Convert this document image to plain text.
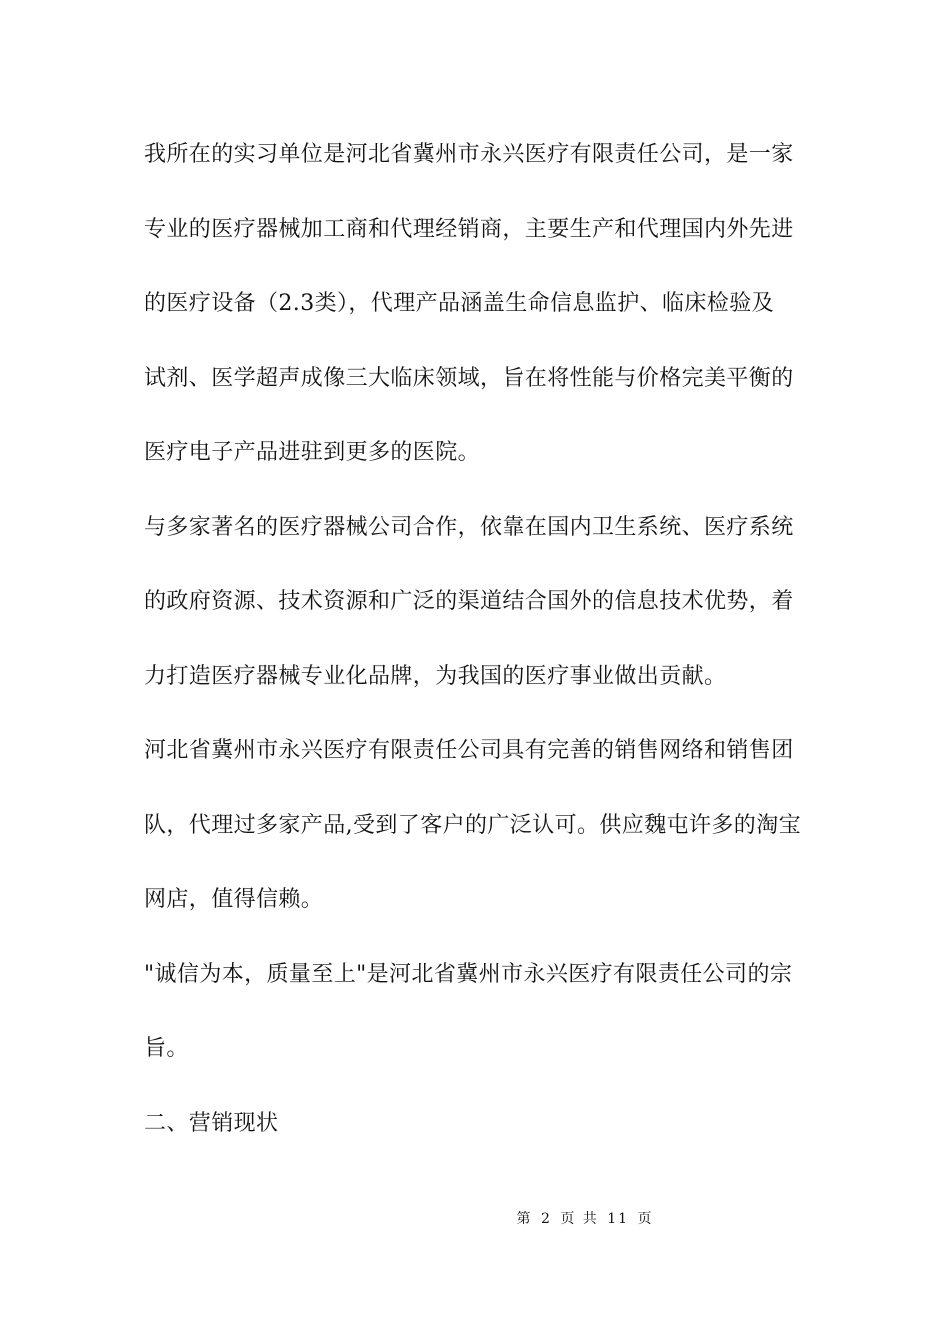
我所在的实习单位是河北省冀州市永兴医疗有限责任公司，是一家
专业的医疗器械加工商和代理经销商，主要生产和代理国内外先进
的医疗设备（2.3类），代理产品涵盖生命信息监护、临床检验及
试剂、医学超声成像三大临床领域，旨在将性能与价格完美平衡的
医疗电子产品进驻到更多的医院。
与多家著名的医疗器械公司合作，依靠在国内卫生系统、医疗系统
的政府资源、技术资源和广泛的渠道结合国外的信息技术优势，着
力打造医疗器械专业化品牌，为我国的医疗事业做出贡献。
河北省冀州市永兴医疗有限责任公司具有完善的销售网络和销售团
队，代理过多家产品,受到了客户的广泛认可。供应魏屯许多的淘宝
网店，值得信赖。
"诚信为本，质量至上"是河北省冀州市永兴医疗有限责任公司的宗
旨。
二、营销现状
第 2 页 共 11 页
